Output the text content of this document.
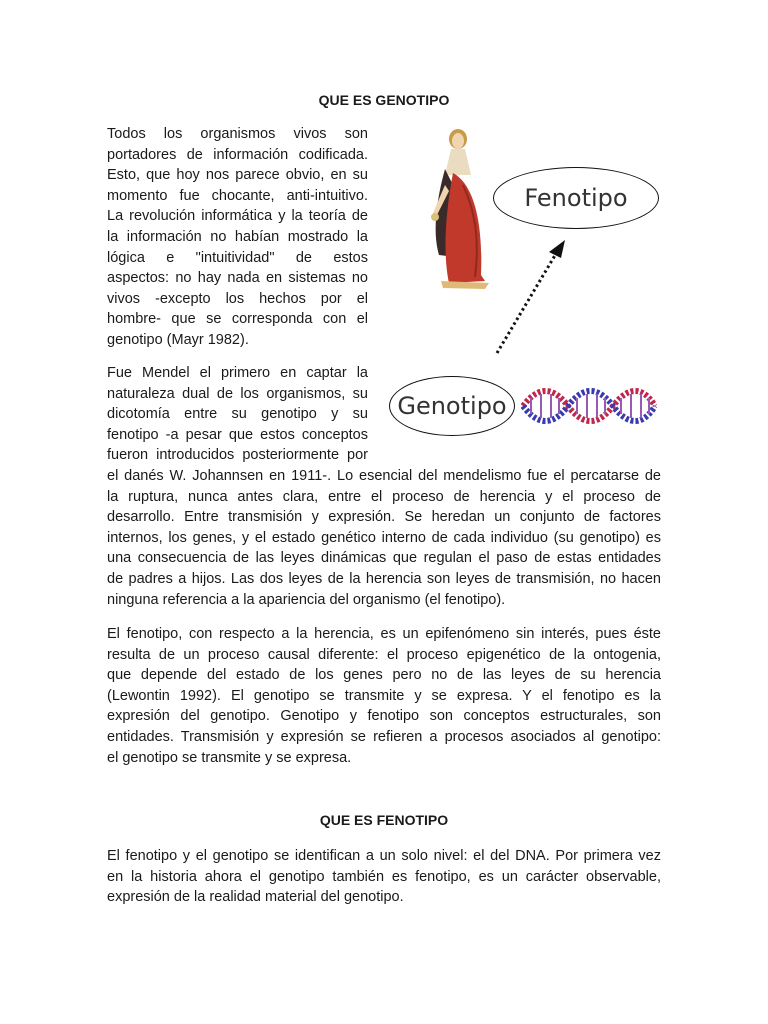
QUE ES GENOTIPO
Todos los organismos vivos son
portadores de información codificada.
Esto, que hoy nos parece obvio, en su
momento fue chocante, anti-intuitivo.
La revolución informática y la teoría de
la información no habían mostrado la
lógica e "intuitividad" de estos
aspectos: no hay nada en sistemas no
vivos -excepto los hechos por el
hombre- que se corresponda con el
genotipo (Mayr 1982).
Fue Mendel el primero en captar la
naturaleza dual de los organismos, su
dicotomía entre su genotipo y su
fenotipo -a pesar que estos conceptos
fueron introducidos posteriormente por
el danés W. Johannsen en 1911-. Lo esencial del mendelismo fue el percatarse de
la ruptura, nunca antes clara, entre el proceso de herencia y el proceso de
desarrollo. Entre transmisión y expresión. Se heredan un conjunto de factores
internos, los genes, y el estado genético interno de cada individuo (su genotipo) es
una consecuencia de las leyes dinámicas que regulan el paso de estas entidades
de padres a hijos. Las dos leyes de la herencia son leyes de transmisión, no hacen
ninguna referencia a la apariencia del organismo (el fenotipo).
El fenotipo, con respecto a la herencia, es un epifenómeno sin interés, pues éste
resulta de un proceso causal diferente: el proceso epigenético de la ontogenia,
que depende del estado de los genes pero no de las leyes de su herencia
(Lewontin 1992). El genotipo se transmite y se expresa. Y el fenotipo es la
expresión del genotipo. Genotipo y fenotipo son conceptos estructurales, son
entidades. Transmisión y expresión se refieren a procesos asociados al genotipo:
el genotipo se transmite y se expresa.
QUE ES FENOTIPO
El fenotipo y el genotipo se identifican a un solo nivel: el del DNA. Por primera vez
en la historia ahora el genotipo también es fenotipo, es un carácter observable,
expresión de la realidad material del genotipo.
Fenotipo
Genotipo
